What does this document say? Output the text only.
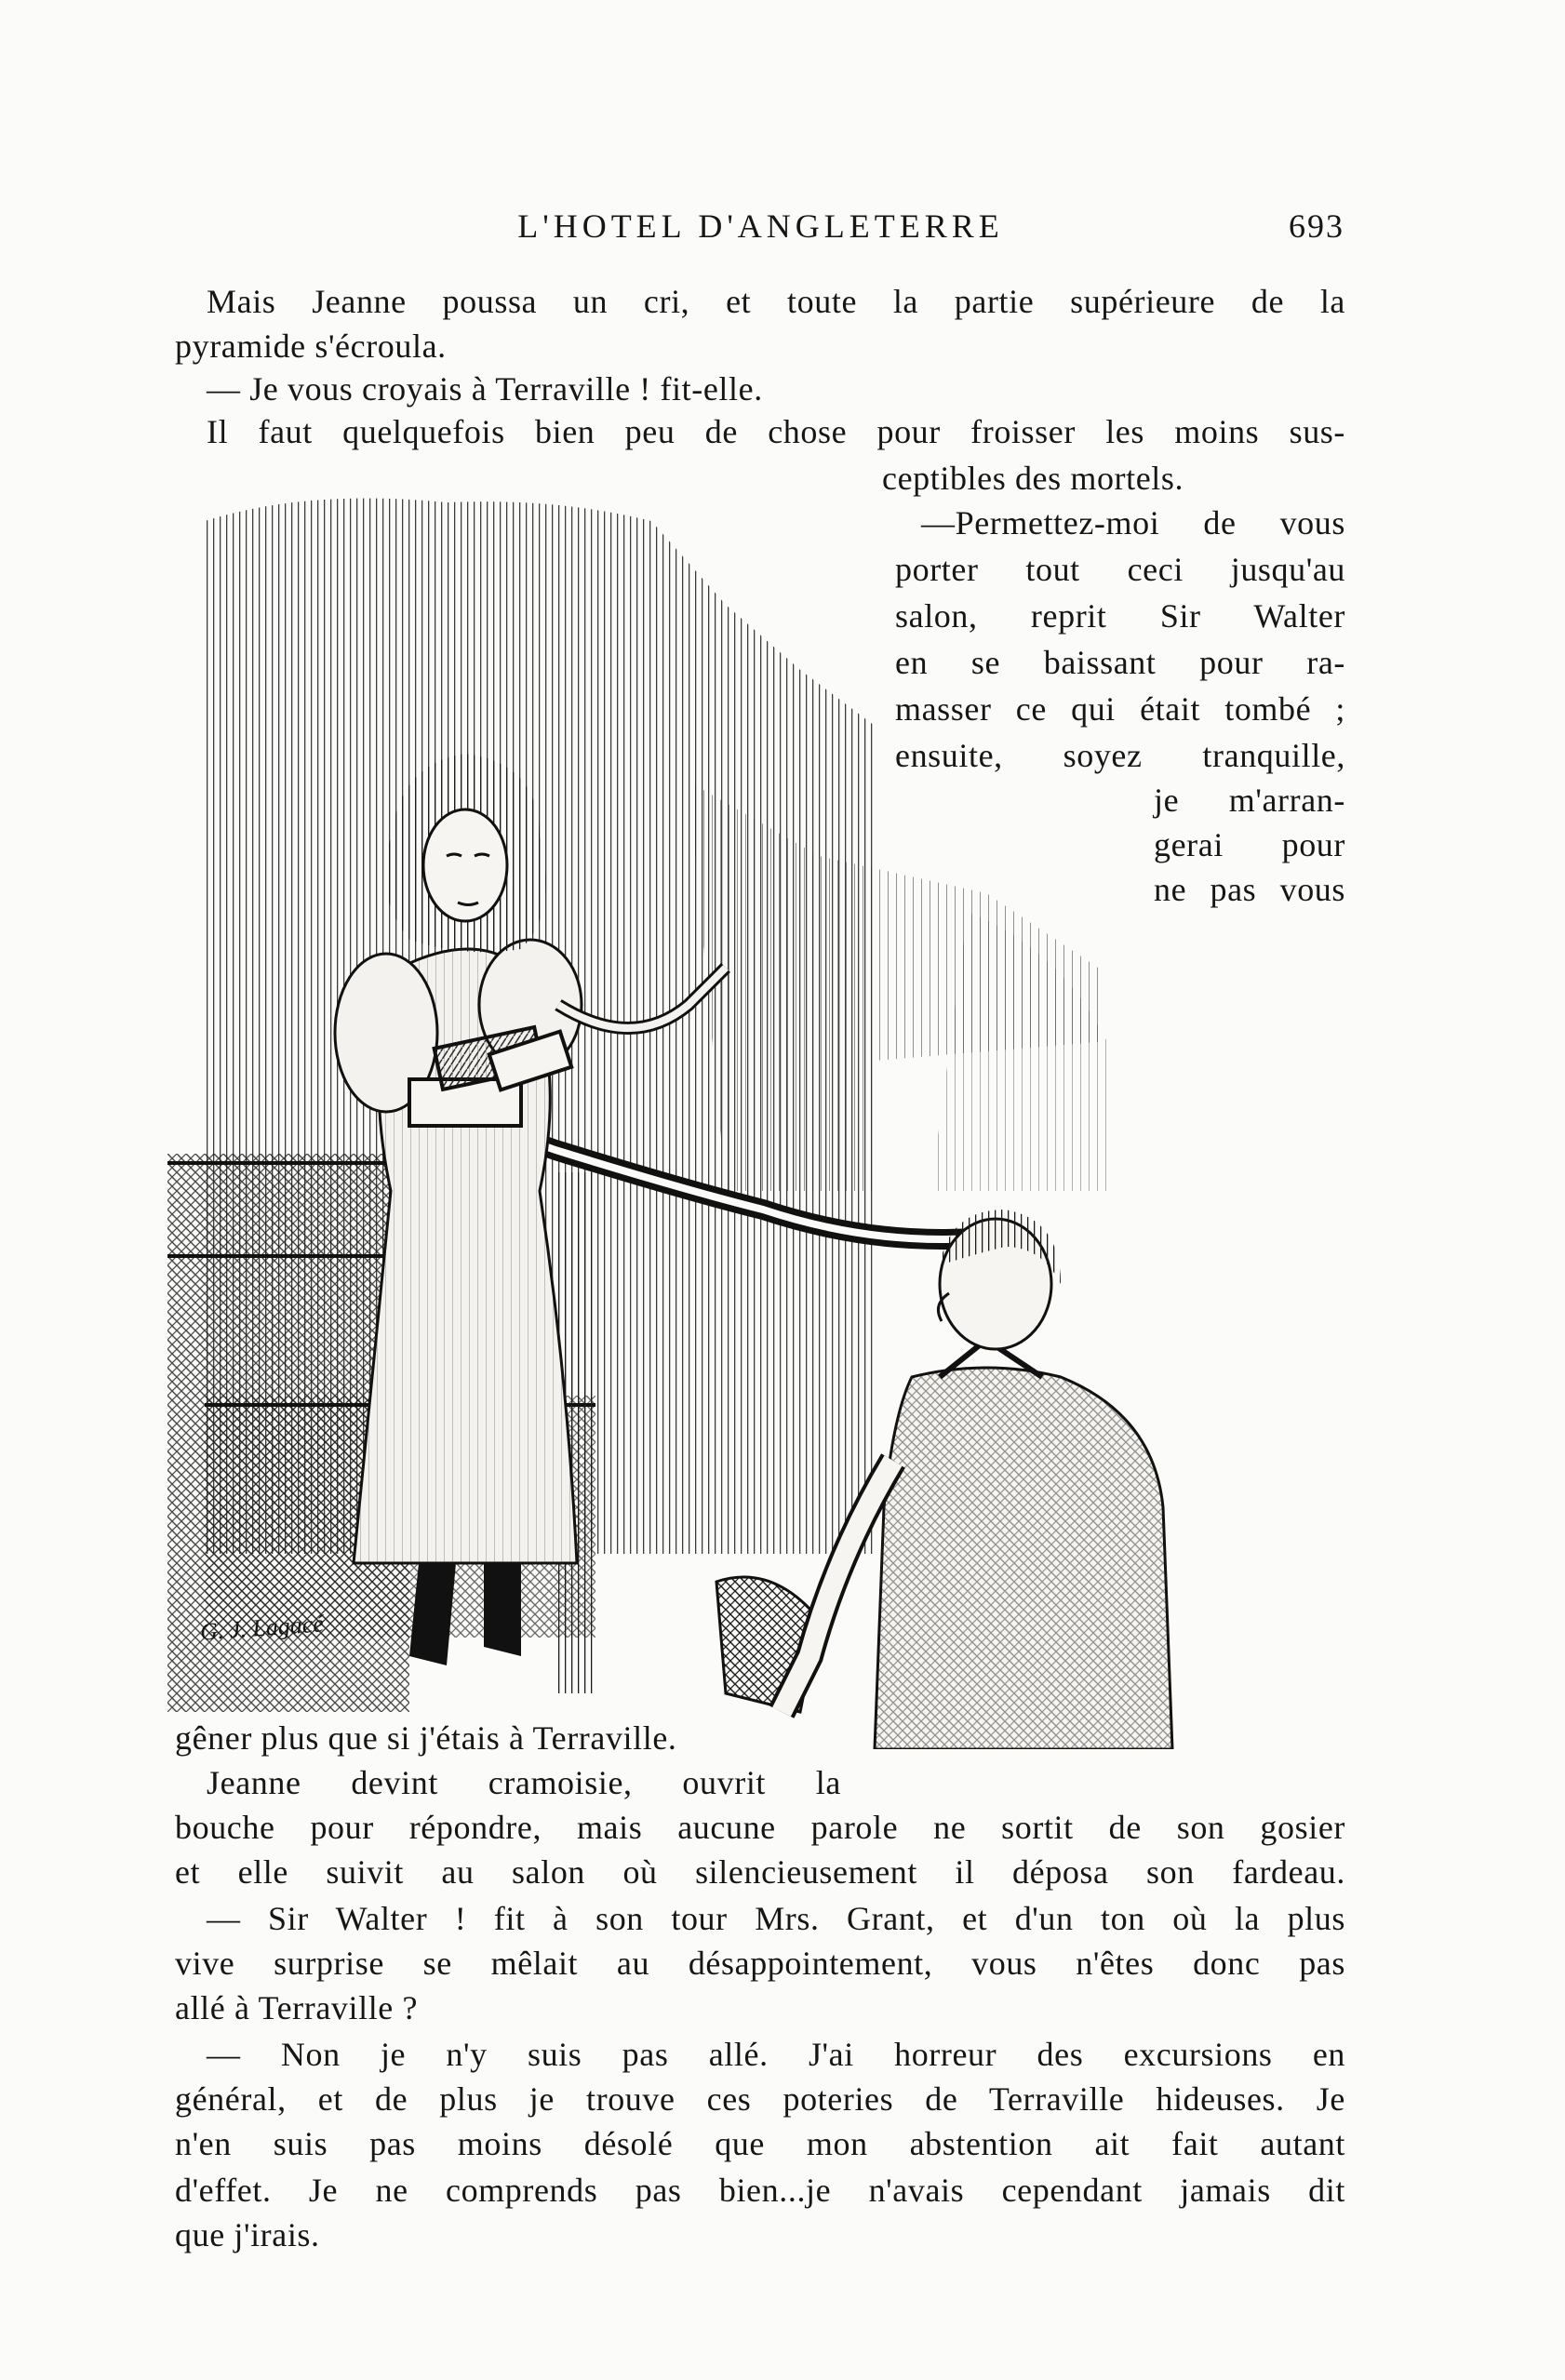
L'HOTEL D'ANGLETERRE	693
Mais Jeanne poussa un cri, et toute la partie supérieure de la
pyramide s'écroula.
— Je vous croyais à Terraville ! fit-elle.
Il faut quelquefois bien peu de chose pour froisser les moins sus-
ceptibles des mortels.
—Permettez-moi de vous
porter tout ceci jusqu'au
salon, reprit Sir Walter
en se baissant pour ra-
masser ce qui était tombé ;
ensuite, soyez tranquille,
je m'arran-
gerai pour
ne pas vous
G. J. Lagacé
gêner plus que si j'étais à Terraville.
Jeanne devint cramoisie, ouvrit la
bouche pour répondre, mais aucune parole ne sortit de son gosier
et elle suivit au salon où silencieusement il déposa son fardeau.
— Sir Walter ! fit à son tour Mrs. Grant, et d'un ton où la plus
vive surprise se mêlait au désappointement, vous n'êtes donc pas
allé à Terraville ?
— Non je n'y suis pas allé. J'ai horreur des excursions en
général, et de plus je trouve ces poteries de Terraville hideuses. Je
n'en suis pas moins désolé que mon abstention ait fait autant
d'effet. Je ne comprends pas bien...je n'avais cependant jamais dit
que j'irais.
